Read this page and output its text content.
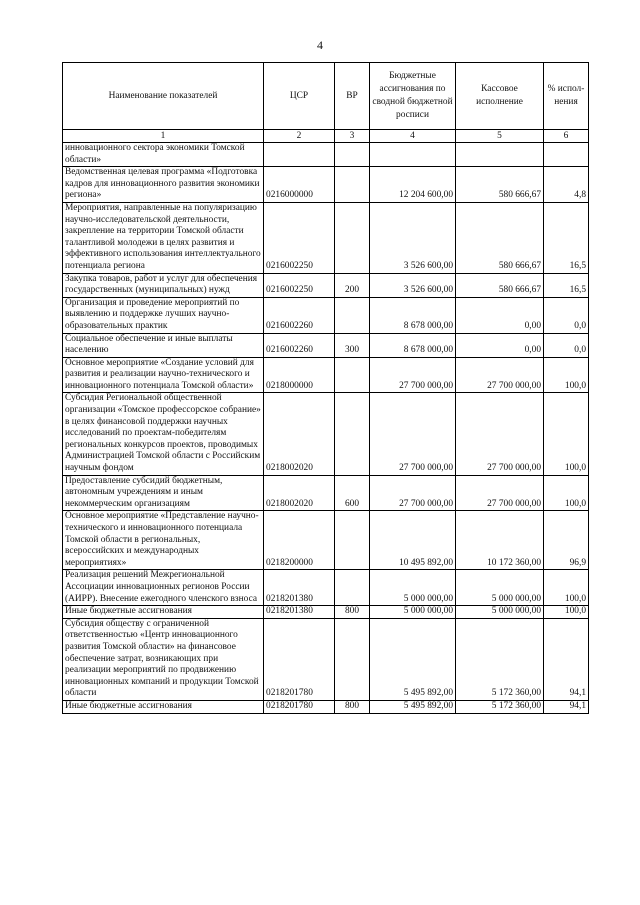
4
Наименование показателей	ЦСР	ВР	Бюджетные ассигнования по сводной бюджетной росписи	Кассовое исполнение	% испол-нения
1	2	3	4	5	6
инновационного сектора экономики Томской области»					
Ведомственная целевая программа «Подготовка кадров для инновационного развития экономики региона»	0216000000		12 204 600,00	580 666,67	4,8
Мероприятия, направленные на популяризацию научно-исследовательской деятельности, закрепление на территории Томской области талантливой молодежи в целях развития и эффективного использования интеллектуального потенциала региона	0216002250		3 526 600,00	580 666,67	16,5
Закупка товаров, работ и услуг для обеспечения государственных (муниципальных) нужд	0216002250	200	3 526 600,00	580 666,67	16,5
Организация и проведение мероприятий по выявлению и поддержке лучших научно-образовательных практик	0216002260		8 678 000,00	0,00	0,0
Социальное обеспечение и иные выплаты населению	0216002260	300	8 678 000,00	0,00	0,0
Основное мероприятие «Создание условий для развития и реализации научно-технического и инновационного потенциала Томской области»	0218000000		27 700 000,00	27 700 000,00	100,0
Субсидия Региональной общественной организации «Томское профессорское собрание» в целях финансовой поддержки научных исследований по проектам-победителям региональных конкурсов проектов, проводимых Администрацией Томской области с Российским научным фондом	0218002020		27 700 000,00	27 700 000,00	100,0
Предоставление субсидий бюджетным, автономным учреждениям и иным некоммерческим организациям	0218002020	600	27 700 000,00	27 700 000,00	100,0
Основное мероприятие «Представление научно-технического и инновационного потенциала Томской области в региональных, всероссийских и международных мероприятиях»	0218200000		10 495 892,00	10 172 360,00	96,9
Реализация решений Межрегиональной Ассоциации инновационных регионов России (АИРР). Внесение ежегодного членского взноса	0218201380		5 000 000,00	5 000 000,00	100,0
Иные бюджетные ассигнования	0218201380	800	5 000 000,00	5 000 000,00	100,0
Субсидия обществу с ограниченной ответственностью «Центр инновационного развития Томской области» на финансовое обеспечение затрат, возникающих при реализации мероприятий по продвижению инновационных компаний и продукции Томской области	0218201780		5 495 892,00	5 172 360,00	94,1
Иные бюджетные ассигнования	0218201780	800	5 495 892,00	5 172 360,00	94,1
